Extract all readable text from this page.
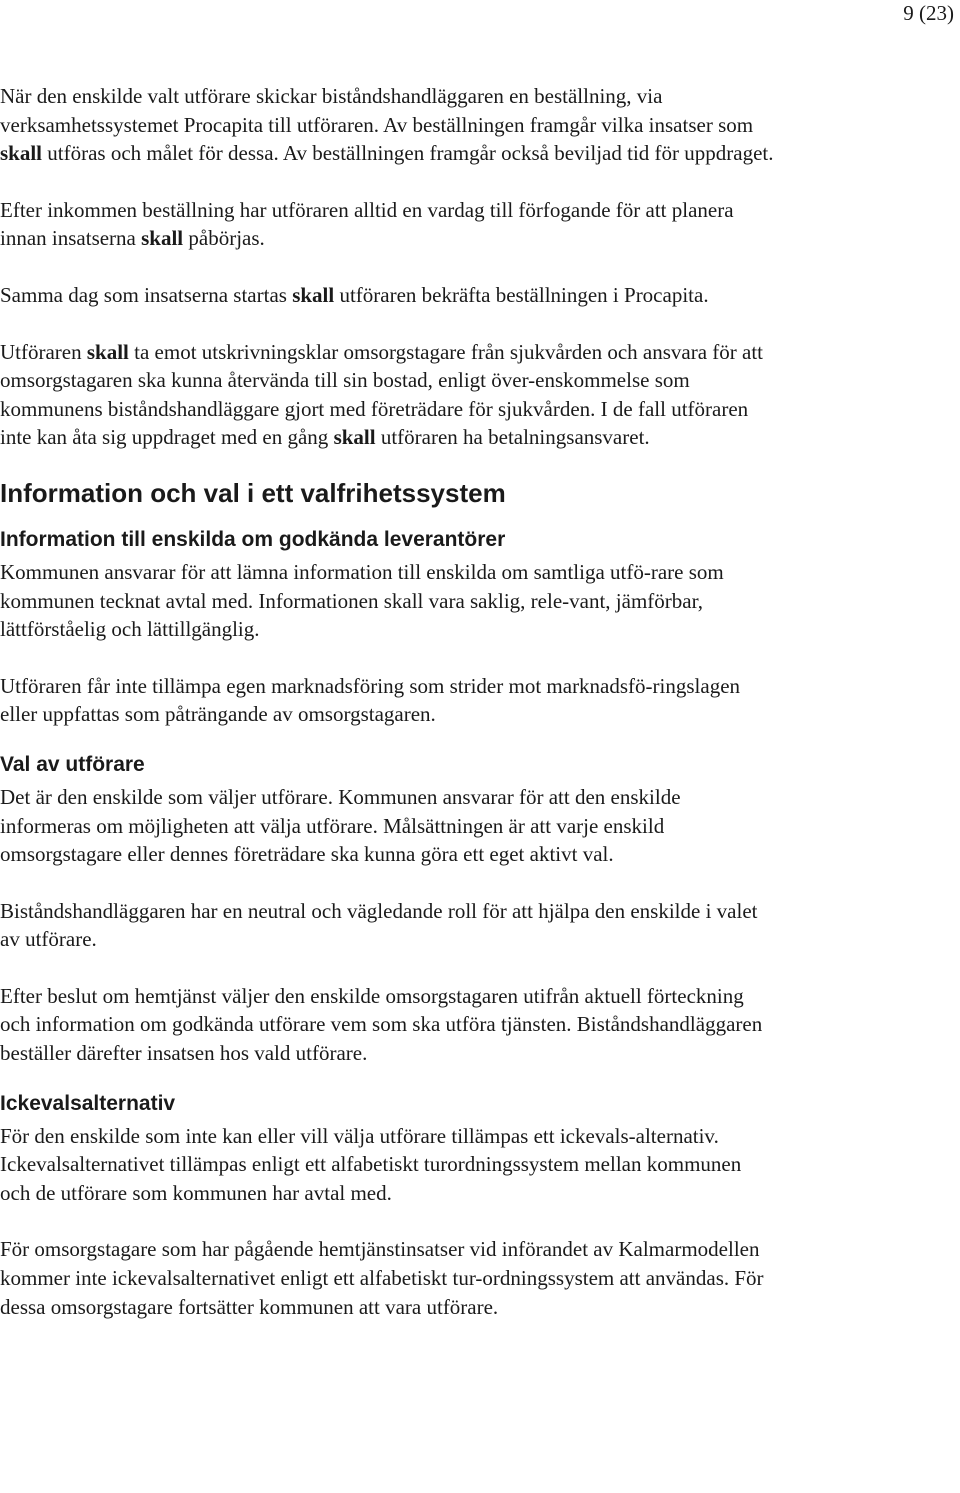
9 (23)

När den enskilde valt utförare skickar biståndshandläggaren en beställning, via verksamhetssystemet Procapita till utföraren. Av beställningen framgår vilka insatser som skall utföras och målet för dessa. Av beställningen framgår också beviljad tid för uppdraget.

Efter inkommen beställning har utföraren alltid en vardag till förfogande för att planera innan insatserna skall påbörjas.

Samma dag som insatserna startas skall utföraren bekräfta beställningen i Procapita.

Utföraren skall ta emot utskrivningsklar omsorgstagare från sjukvården och ansvara för att omsorgstagaren ska kunna återvända till sin bostad, enligt över-enskommelse som kommunens biståndshandläggare gjort med företrädare för sjukvården. I de fall utföraren inte kan åta sig uppdraget med en gång skall utföraren ha betalningsansvaret.

Information och val i ett valfrihetssystem
Information till enskilda om godkända leverantörer

Kommunen ansvarar för att lämna information till enskilda om samtliga utfö-rare som kommunen tecknat avtal med. Informationen skall vara saklig, rele-vant, jämförbar, lättförståelig och lättillgänglig.

Utföraren får inte tillämpa egen marknadsföring som strider mot marknadsfö-ringslagen eller uppfattas som påträngande av omsorgstagaren.

Val av utförare

Det är den enskilde som väljer utförare. Kommunen ansvarar för att den enskilde informeras om möjligheten att välja utförare. Målsättningen är att varje enskild omsorgstagare eller dennes företrädare ska kunna göra ett eget aktivt val.

Biståndshandläggaren har en neutral och vägledande roll för att hjälpa den enskilde i valet av utförare.

Efter beslut om hemtjänst väljer den enskilde omsorgstagaren utifrån aktuell förteckning och information om godkända utförare vem som ska utföra tjänsten. Biståndshandläggaren beställer därefter insatsen hos vald utförare.

Ickevalsalternativ

För den enskilde som inte kan eller vill välja utförare tillämpas ett ickevals-alternativ. Ickevalsalternativet tillämpas enligt ett alfabetiskt turordningssystem mellan kommunen och de utförare som kommunen har avtal med.

För omsorgstagare som har pågående hemtjänstinsatser vid införandet av Kalmarmodellen kommer inte ickevalsalternativet enligt ett alfabetiskt tur-ordningssystem att användas. För dessa omsorgstagare fortsätter kommunen att vara utförare.
